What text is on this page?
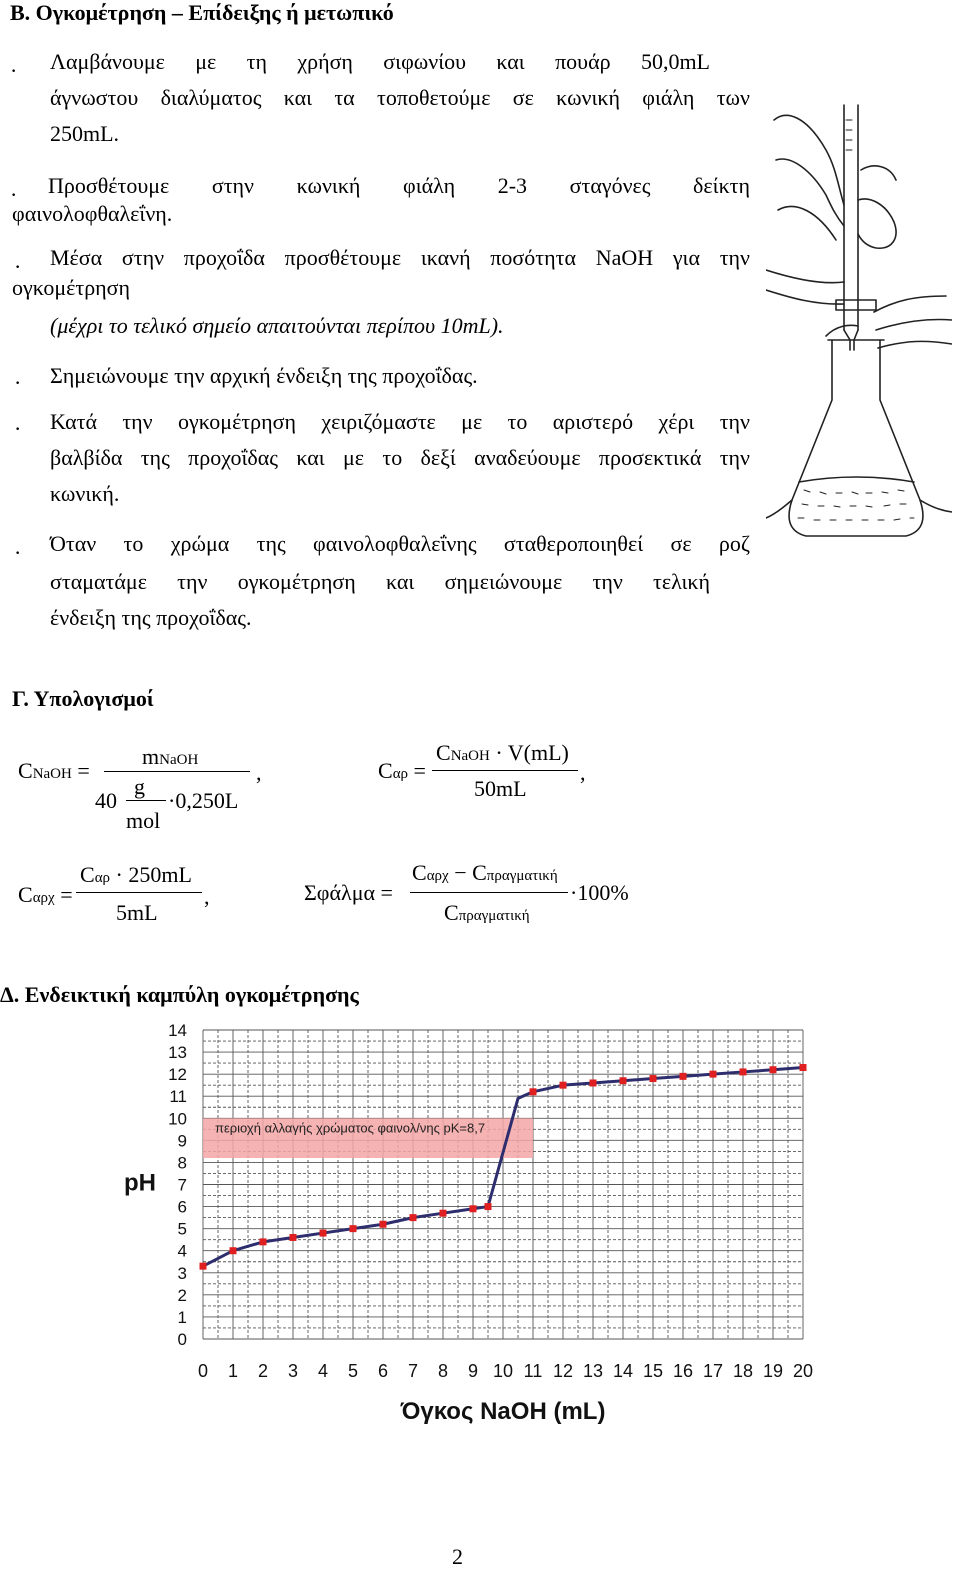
Β. Ογκομέτρηση – Επίδειξης ή μετωπικό
· Λαμβάνουμε με τη χρήση σιφωνίου και πουάρ 50,0mL
άγνωστου διαλύματος και τα τοποθετούμε σε κωνική φιάλη των
250mL.
· Προσθέτουμε στην κωνική φιάλη 2-3 σταγόνες δείκτη
φαινολοφθαλεΐνη.
· Μέσα στην προχοΐδα προσθέτουμε ικανή ποσότητα NaOH για την
ογκομέτρηση
(μέχρι το τελικό σημείο απαιτούνται περίπου 10mL).
· Σημειώνουμε την αρχική ένδειξη της προχοΐδας.
· Κατά την ογκομέτρηση χειριζόμαστε με το αριστερό χέρι την
βαλβίδα της προχοΐδας και με το δεξί αναδεύουμε προσεκτικά την
κωνική.
· Όταν το χρώμα της φαινολοφθαλεΐνης σταθεροποιηθεί σε ροζ
σταματάμε την ογκομέτρηση και σημειώνουμε την τελική
ένδειξη της προχοΐδας.
Γ. Υπολογισμοί
CNaOH =
mNaOH
g
40 ·0,250L
mol
,	Cαρ =
CNaOH · V(mL)
50mL
,
Cαρχ =
Cαρ · 250mL
5mL
,	Σφάλμα =
Cαρχ − Cπραγματική
Cπραγματική
·100%
Δ. Ενδεικτική καμπύλη ογκομέτρησης
περιοχή αλλαγής χρώματος φαινολ/νης pK=8,7
0
1
2
3
4
5
6
7
8
9
10
11
12
13
14
0 1 2 3 4 5 6 7 8 9 10 11 12 13 14 15 16 17 18 19 20
pH
Όγκος NaOH (mL)
2
